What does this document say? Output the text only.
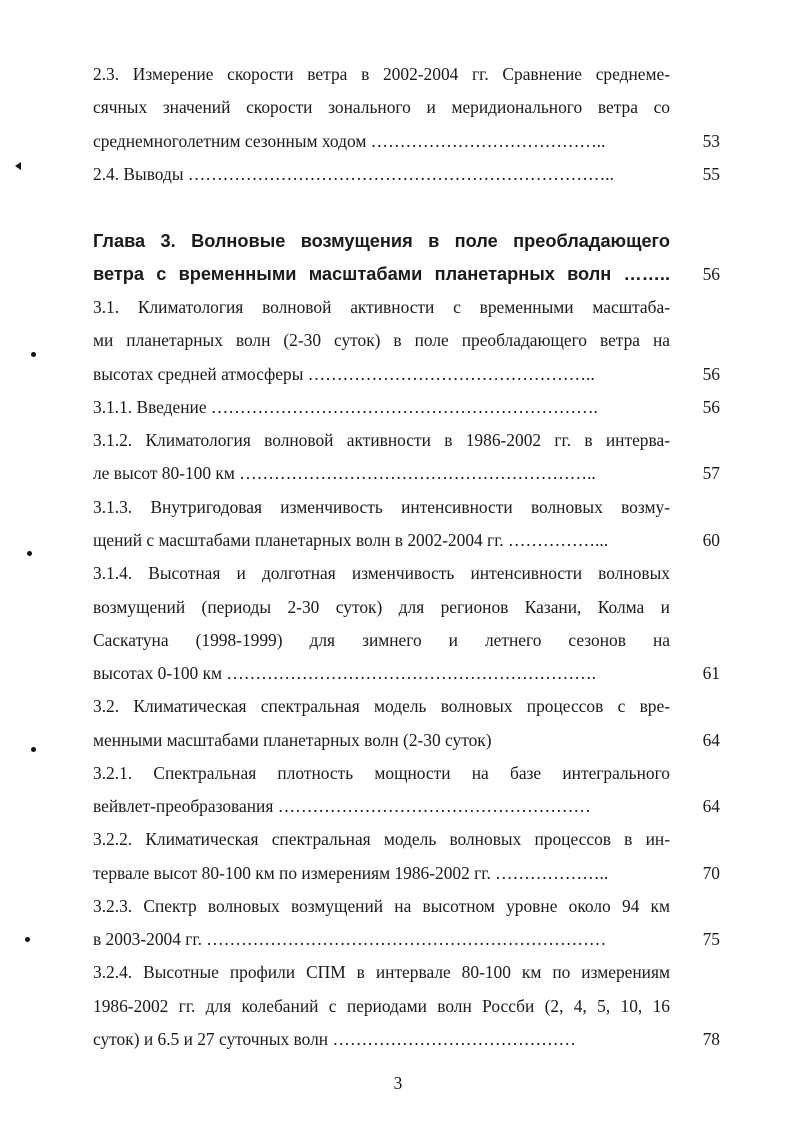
2.3. Измерение скорости ветра в 2002-2004 гг. Сравнение среднеме-
сячных значений скорости зонального и меридионального ветра со
среднемноголетним сезонным ходом …………………………………..	53
2.4. Выводы ………………………………………………………………..	55
Глава 3. Волновые возмущения в поле преобладающего
ветра с временными масштабами планетарных волн ……..	56
3.1. Климатология волновой активности с временными масштаба-
ми планетарных волн (2-30 суток) в поле преобладающего ветра на
высотах средней атмосферы …………………………………………..	56
3.1.1. Введение ………………………………………………………….	56
3.1.2. Климатология волновой активности в 1986-2002 гг. в интерва-
ле высот 80-100 км ……………………………………………………..	57
3.1.3. Внутригодовая изменчивость интенсивности волновых возму-
щений с масштабами планетарных волн в 2002-2004 гг. ……………...	60
3.1.4. Высотная и долготная изменчивость интенсивности волновых
возмущений (периоды 2-30 суток) для регионов Казани, Колма и
Саскатуна (1998-1999) для зимнего и летнего сезонов на
высотах 0-100 км ……………………………………………………….	61
3.2. Климатическая спектральная модель волновых процессов с вре-
менными масштабами планетарных волн (2-30 суток)	64
3.2.1. Спектральная плотность мощности на базе интегрального
вейвлет-преобразования ………………………………………………	64
3.2.2. Климатическая спектральная модель волновых процессов в ин-
тервале высот 80-100 км по измерениям 1986-2002 гг. ………………..	70
3.2.3. Спектр волновых возмущений на высотном уровне около 94 км
в 2003-2004 гг. ……………………………………………………………	75
3.2.4. Высотные профили СПМ в интервале 80-100 км по измерениям
1986-2002 гг. для колебаний с периодами волн Россби (2, 4, 5, 10, 16
суток) и 6.5 и 27 суточных волн ……………………………………	78
3
